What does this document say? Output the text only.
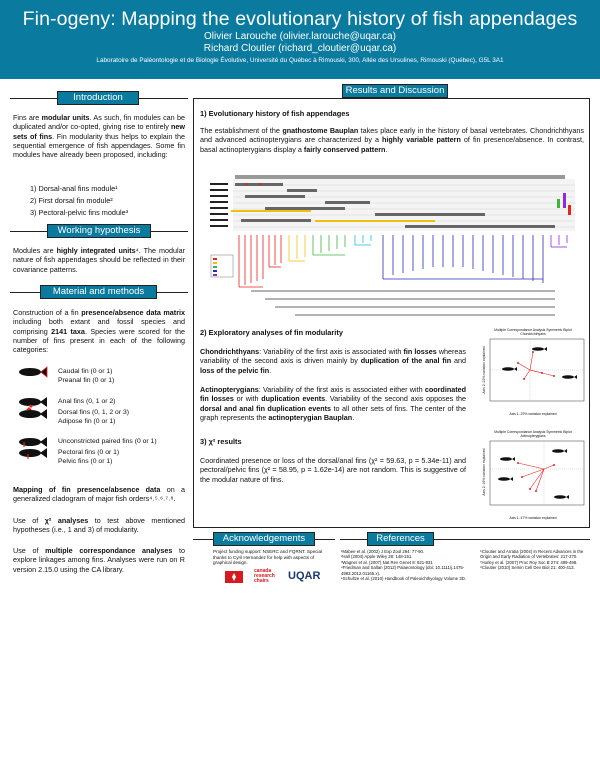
Fin-ogeny: Mapping the evolutionary history of fish appendages
Olivier Larouche (olivier.larouche@uqar.ca)
Richard Cloutier (richard_cloutier@uqar.ca)
Laboratoire de Paléontologie et de Biologie Évolutive, Université du Québec à Rimouski, 300, Allée des Ursulines, Rimouski (Québec), G5L 3A1
Introduction
Fins are modular units. As such, fin modules can be duplicated and/or co-opted, giving rise to entirely new sets of fins. Fin modularity thus helps to explain the sequential emergence of fish appendages. Some fin modules have already been proposed, including:
1) Dorsal-anal fins module¹
2) First dorsal fin module²
3) Pectoral-pelvic fins module³
Working hypothesis
Modules are highly integrated units⁴. The modular nature of fish appendages should be reflected in their covariance patterns.
Material and methods
Construction of a fin presence/absence data matrix including both extant and fossil species and comprising 2141 taxa. Species were scored for the number of fins present in each of the following categories:
Caudal fin (0 or 1)
Preanal fin (0 or 1)
Anal fins (0, 1 or 2)
Dorsal fins (0, 1, 2 or 3)
Adipose fin (0 or 1)
Unconstricted paired fins (0 or 1)
Pectoral fins (0 or 1)
Pelvic fins (0 or 1)
Mapping of fin presence/absence data on a generalized cladogram of major fish orders⁴˒⁵˒⁶˒⁷˒⁸.
Use of χ² analyses to test above mentioned hypotheses (i.e., 1 and 3) of modularity.
Use of multiple correspondance analyses to explore linkages among fins. Analyses were run on R version 2.15.0 using the CA library.
Results and Discussion
1) Evolutionary history of fish appendages
The establishment of the gnathostome Bauplan takes place early in the history of basal vertebrates. Chondrichthyans and advanced actinopterygians are characterized by a highly variable pattern of fin presence/absence. In contrast, basal actinopterygians display a fairly conserved pattern.
2) Exploratory analyses of fin modularity
Chondrichthyans: Variability of the first axis is associated with fin losses whereas variability of the second axis is driven mainly by duplication of the anal fin and loss of the pelvic fin.
Actinopterygians: Variability of the first axis is associated either with coordinated fin losses or with duplication events. Variability of the second axis opposes the dorsal and anal fin duplication events to all other sets of fins. The center of the graph represents the actinopterygian Bauplan.
3) χ² results
Coordinated presence or loss of the dorsal/anal fins (χ² = 59.63, p = 5.34e-11) and pectoral/pelvic fins (χ² = 58.95, p = 1.62e-14) are not random. This is suggestive of the modular nature of fins.
Multiple Correspondance Analysis Symmetric Biplot
Chondrichthyans
Axis 1: 29% variation explained
Axis 2: 22% variation explained
Multiple Correspondance Analysis Symmetric Biplot
Actinopterygians
Axis 1: 47% variation explained
Axis 2: 16% variation explained
Acknowledgements
Project funding support: NSERC and FQRNT. Special thanks to Cyril Hernandez for help with aspects of graphical design.
canada research chairs	UQAR
References
¹Mabee et al. (2002) J Exp Zool 294: 77-90.
²Hall (2004) Apple Wiley 28: 148-151.
³Wagner et al. (2007) Nat Rev Genet 8: 921-931
⁴Friedman and Sallan (2012) Palaeontology (doi: 10.1111/j.1475-4983.2012.01165.x).
⁵Schultze et al. (2010) Handbook of Paleoichthyology Volume 3D.
⁶Cloutier and Arratia (2004) In Recent Advances in the Origin and Early Radiation of Vertebrates: 217-270.
⁷Hurley et al. (2007) Proc Roy Soc B 274: 489-498.
⁸Cloutier (2010) Semin Cell Dev Biol 21: 400-413.
